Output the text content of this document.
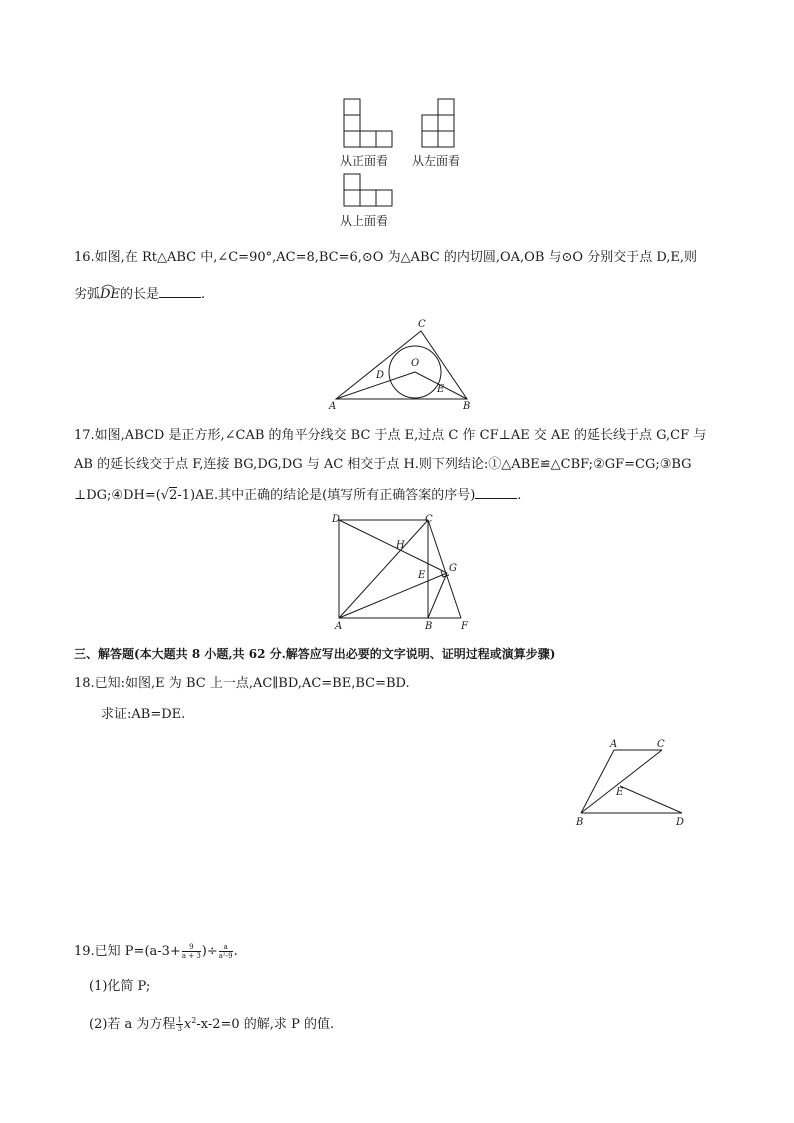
从正面看 从左面看
从上面看
16.如图,在 Rt△ABC 中,∠C=90°,AC=8,BC=6,⊙O 为△ABC 的内切圆,OA,OB 与⊙O 分别交于点 D,E,则
劣弧
DE的长是	.
C
O
D
E
A	B
17.如图,ABCD 是正方形,∠CAB 的角平分线交 BC 于点 E,过点 C 作 CF⊥AE 交 AE 的延长线于点 G,CF 与
AB 的延长线交于点 F,连接 BG,DG,DG 与 AC 相交于点 H.则下列结论:①△ABE≌△CBF;②GF=CG;③BG
⊥DG;④DH=(√2-1)AE.其中正确的结论是(填写所有正确答案的序号)	.
D	C
H
G
E
A	B	F
三、解答题(本大题共 8 小题,共 62 分.解答应写出必要的文字说明、证明过程或演算步骤)
18.已知:如图,E 为 BC 上一点,AC∥BD,AC=BE,BC=BD.
求证:AB=DE.
A	C
E
B	D
19.已知 $P=(a-3+ \frac{9}{a + 3}$ )÷ $\frac{a}{\text{a²-9}}$ .
(1)化简 P;
(2)若 a 为方程 $\frac{1}{3} x^2-x-2=0$ 的解,求 P 的值.
